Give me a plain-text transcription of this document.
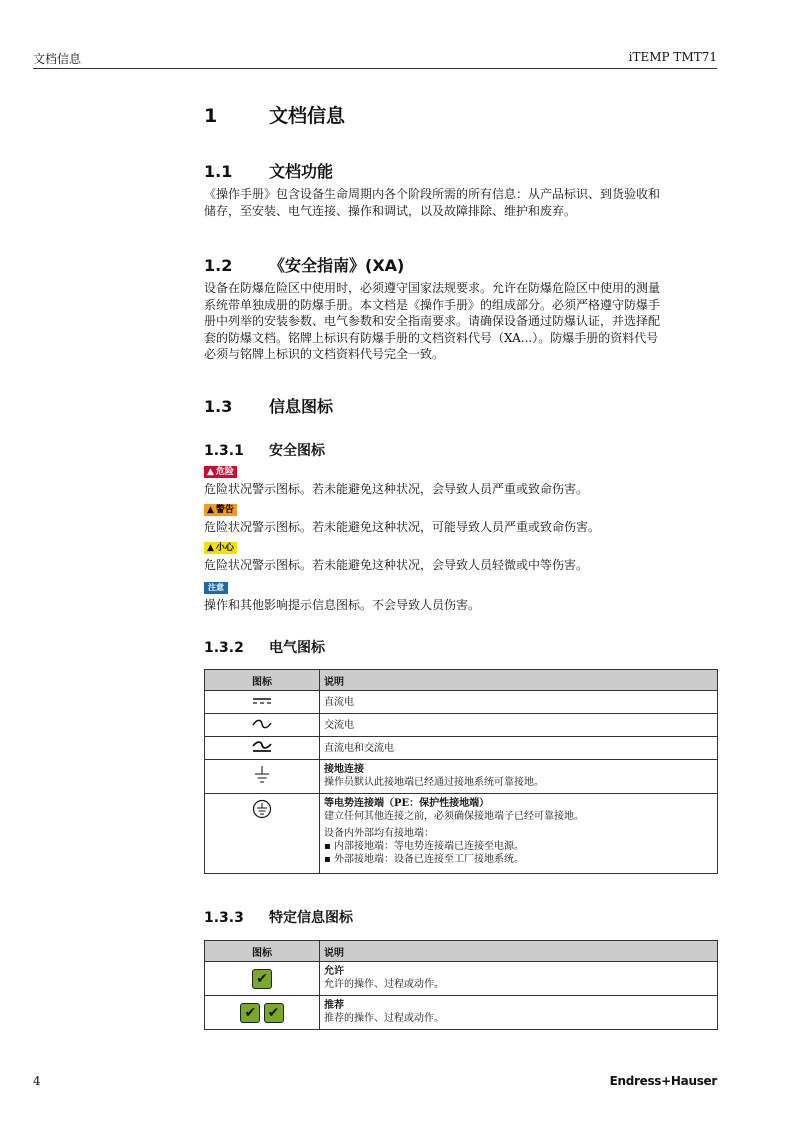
文档信息	iTEMP TMT71
1	文档信息
1.1 文档功能
《操作手册》包含设备生命周期内各个阶段所需的所有信息：从产品标识、到货验收和
储存，至安装、电气连接、操作和调试，以及故障排除、维护和废弃。
1.2 《安全指南》(XA)
设备在防爆危险区中使用时，必须遵守国家法规要求。允许在防爆危险区中使用的测量
系统带单独成册的防爆手册。本文档是《操作手册》的组成部分。必须严格遵守防爆手
册中列举的安装参数、电气参数和安全指南要求。请确保设备通过防爆认证，并选择配
套的防爆文档。铭牌上标识有防爆手册的文档资料代号（XA...）。防爆手册的资料代号
必须与铭牌上标识的文档资料代号完全一致。
1.3 信息图标
1.3.1 安全图标
▲ 危险
危险状况警示图标。若未能避免这种状况，会导致人员严重或致命伤害。
▲ 警告
危险状况警示图标。若未能避免这种状况，可能导致人员严重或致命伤害。
▲ 小心
危险状况警示图标。若未能避免这种状况，会导致人员轻微或中等伤害。
注意
操作和其他影响提示信息图标。不会导致人员伤害。
1.3.2 电气图标
图标	说明
	直流电
	交流电
	直流电和交流电

接地连接
操作员默认此接地端已经通过接地系统可靠接地。

等电势连接端（PE：保护性接地端）
建立任何其他连接之前，必须确保接地端子已经可靠接地。
设备内外部均有接地端：
▪ 内部接地端：等电势连接端已连接至电源。
▪ 外部接地端：设备已连接至工厂接地系统。
1.3.3 特定信息图标
图标	说明
✔	允许
允许的操作、过程或动作。

✔ ✔	推荐
推荐的操作、过程或动作。
4	Endress+Hauser
